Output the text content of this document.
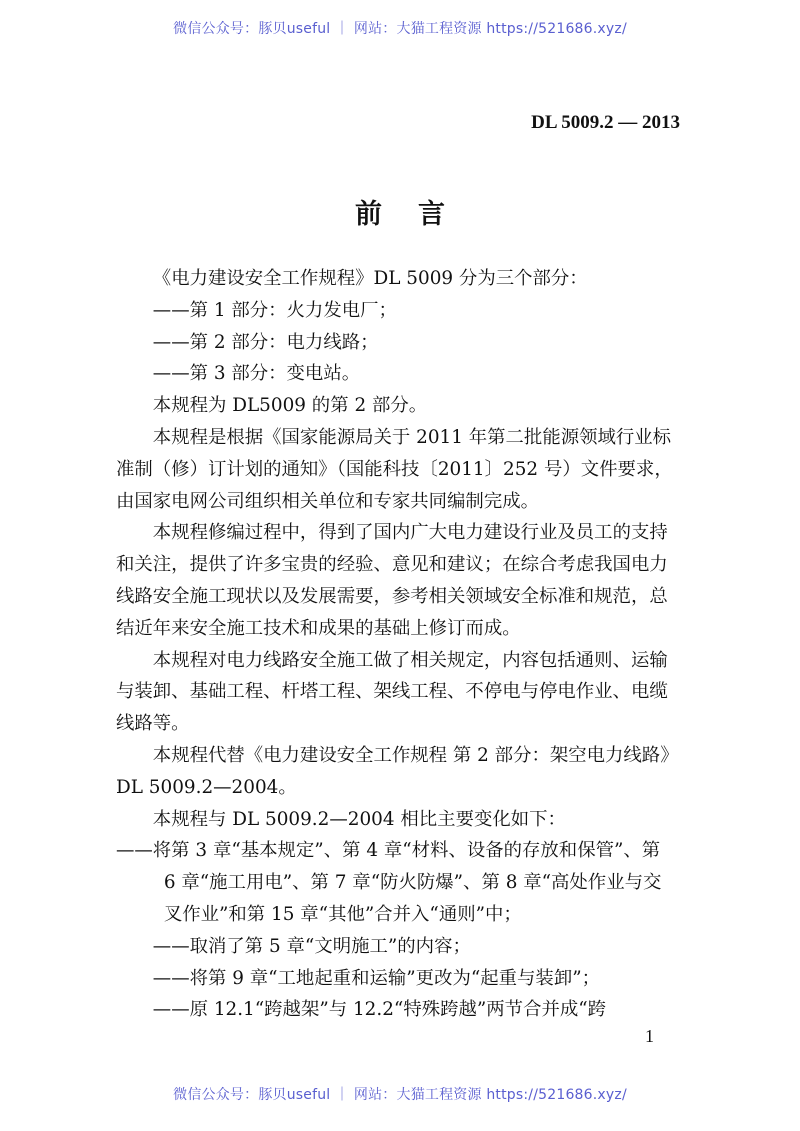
微信公众号：豚贝useful ｜ 网站：大猫工程资源 https://521686.xyz/
DL 5009.2 — 2013
前言

《电力建设安全工作规程》DL 5009 分为三个部分：

——第 1 部分：火力发电厂；

——第 2 部分：电力线路；

——第 3 部分：变电站。

本规程为 DL5009 的第 2 部分。

本规程是根据《国家能源局关于 2011 年第二批能源领域行业标准制（修）订计划的通知》（国能科技〔2011〕252 号）文件要求，由国家电网公司组织相关单位和专家共同编制完成。

本规程修编过程中，得到了国内广大电力建设行业及员工的支持和关注，提供了许多宝贵的经验、意见和建议；在综合考虑我国电力线路安全施工现状以及发展需要，参考相关领域安全标准和规范，总结近年来安全施工技术和成果的基础上修订而成。

本规程对电力线路安全施工做了相关规定，内容包括通则、运输与装卸、基础工程、杆塔工程、架线工程、不停电与停电作业、电缆线路等。

本规程代替《电力建设安全工作规程 第 2 部分：架空电力线路》DL 5009.2—2004。

本规程与 DL 5009.2—2004 相比主要变化如下：

——将第 3 章“基本规定”、第 4 章“材料、设备的存放和保管”、第 6 章“施工用电”、第 7 章“防火防爆”、第 8 章“高处作业与交叉作业”和第 15 章“其他”合并入“通则”中；

——取消了第 5 章“文明施工”的内容；

——将第 9 章“工地起重和运输”更改为“起重与装卸”；

——原 12.1“跨越架”与 12.2“特殊跨越”两节合并成“跨

1
微信公众号：豚贝useful ｜ 网站：大猫工程资源 https://521686.xyz/
